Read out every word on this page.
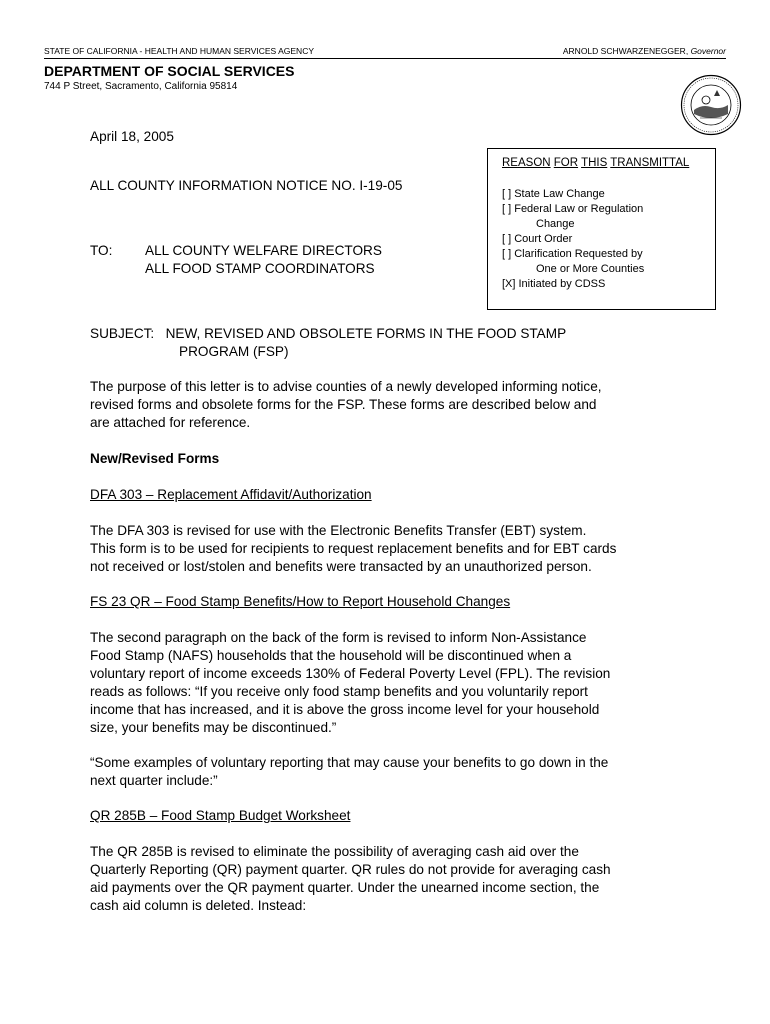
STATE OF CALIFORNIA - HEALTH AND HUMAN SERVICES AGENCY	ARNOLD SCHWARZENEGGER, Governor
DEPARTMENT OF SOCIAL SERVICES
744 P Street, Sacramento, California 95814
April 18, 2005
ALL COUNTY INFORMATION NOTICE NO. I-19-05
TO: ALL COUNTY WELFARE DIRECTORS
ALL FOOD STAMP COORDINATORS
REASON FOR THIS TRANSMITTAL
[ ] State Law Change
[ ] Federal Law or Regulation
Change
[ ] Court Order
[ ] Clarification Requested by
One or More Counties
[X] Initiated by CDSS
SUBJECT: NEW, REVISED AND OBSOLETE FORMS IN THE FOOD STAMP
PROGRAM (FSP)
The purpose of this letter is to advise counties of a newly developed informing notice,
revised forms and obsolete forms for the FSP. These forms are described below and
are attached for reference.
New/Revised Forms
DFA 303 – Replacement Affidavit/Authorization
The DFA 303 is revised for use with the Electronic Benefits Transfer (EBT) system.
This form is to be used for recipients to request replacement benefits and for EBT cards
not received or lost/stolen and benefits were transacted by an unauthorized person.
FS 23 QR – Food Stamp Benefits/How to Report Household Changes
The second paragraph on the back of the form is revised to inform Non-Assistance
Food Stamp (NAFS) households that the household will be discontinued when a
voluntary report of income exceeds 130% of Federal Poverty Level (FPL). The revision
reads as follows: “If you receive only food stamp benefits and you voluntarily report
income that has increased, and it is above the gross income level for your household
size, your benefits may be discontinued.”
“Some examples of voluntary reporting that may cause your benefits to go down in the
next quarter include:”
QR 285B – Food Stamp Budget Worksheet
The QR 285B is revised to eliminate the possibility of averaging cash aid over the
Quarterly Reporting (QR) payment quarter. QR rules do not provide for averaging cash
aid payments over the QR payment quarter. Under the unearned income section, the
cash aid column is deleted. Instead:
